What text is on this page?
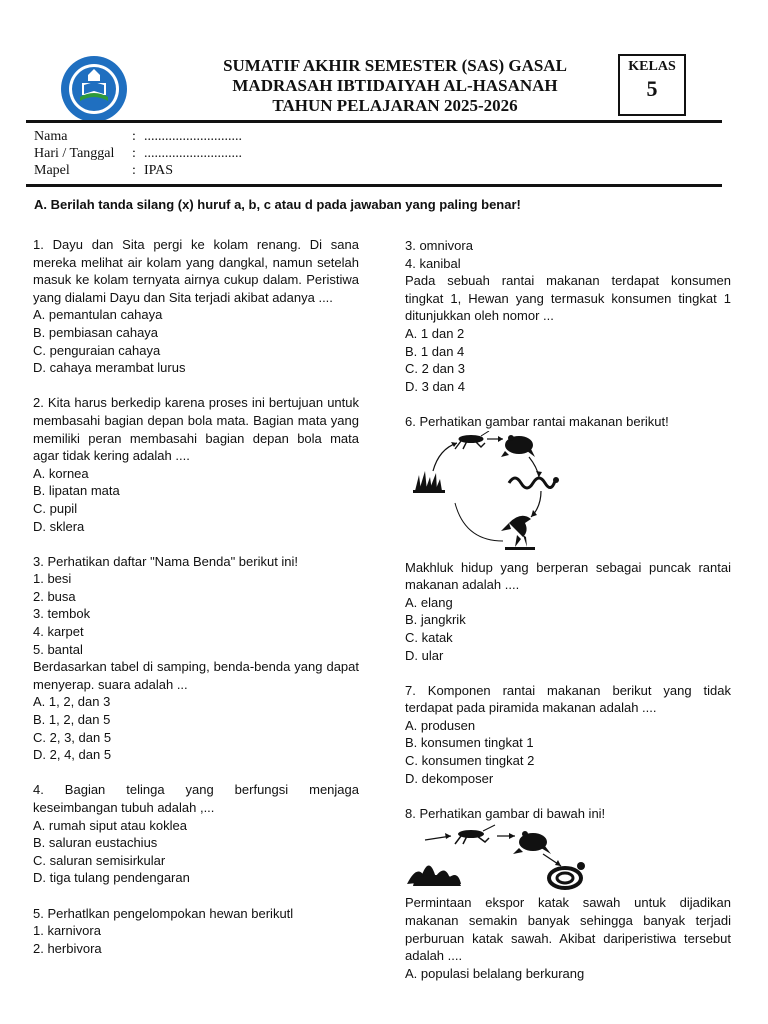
SUMATIF AKHIR SEMESTER (SAS) GASAL
MADRASAH IBTIDAIYAH AL-HASANAH
TAHUN PELAJARAN 2025-2026
KELAS
5
Nama	: ............................
Hari / Tanggal : ............................
Mapel	: IPAS
A. Berilah tanda silang (x) huruf a, b, c atau d pada jawaban yang paling benar!

1. Dayu dan Sita pergi ke kolam renang. Di sana mereka melihat air kolam yang dangkal, namun setelah masuk ke kolam ternyata airnya cukup dalam. Peristiwa yang dialami Dayu dan Sita terjadi akibat adanya ....

A. pemantulan cahaya

B. pembiasan cahaya

C. penguraian cahaya

D. cahaya merambat lurus

2. Kita harus berkedip karena proses ini bertujuan untuk membasahi bagian depan bola mata. Bagian mata yang memiliki peran membasahi bagian depan bola mata agar tidak kering adalah ....

A. kornea

B. lipatan mata

C. pupil

D. sklera

3. Perhatikan daftar "Nama Benda" berikut ini!

1. besi

2. busa

3. tembok

4. karpet

5. bantal

Berdasarkan tabel di samping, benda-benda yang dapat menyerap. suara adalah ...

A. 1, 2, dan 3

B. 1, 2, dan 5

C. 2, 3, dan 5

D. 2, 4, dan 5

4. Bagian telinga yang berfungsi menjaga keseimbangan tubuh adalah ,...

A. rumah siput atau koklea

B. saluran eustachius

C. saluran semisirkular

D. tiga tulang pendengaran

5. Perhatlkan pengelompokan hewan berikutl

1. karnivora

2. herbivora

3. omnivora

4. kanibal

Pada sebuah rantai makanan terdapat konsumen tingkat 1, Hewan yang termasuk konsumen tingkat 1 ditunjukkan oleh nomor ...

A. 1 dan 2

B. 1 dan 4

C. 2 dan 3

D. 3 dan 4

6. Perhatikan gambar rantai makanan berikut!

Makhluk hidup yang berperan sebagai puncak rantai makanan adalah ....

A. elang

B. jangkrik

C. katak

D. ular

7. Komponen rantai makanan berikut yang tidak terdapat pada piramida makanan adalah ....

A. produsen

B. konsumen tingkat 1

C. konsumen tingkat 2

D. dekomposer

8. Perhatikan gambar di bawah ini!

Permintaan ekspor katak sawah untuk dijadikan makanan semakin banyak sehingga banyak terjadi perburuan katak sawah. Akibat dariperistiwa tersebut adalah ....

A. populasi belalang berkurang
